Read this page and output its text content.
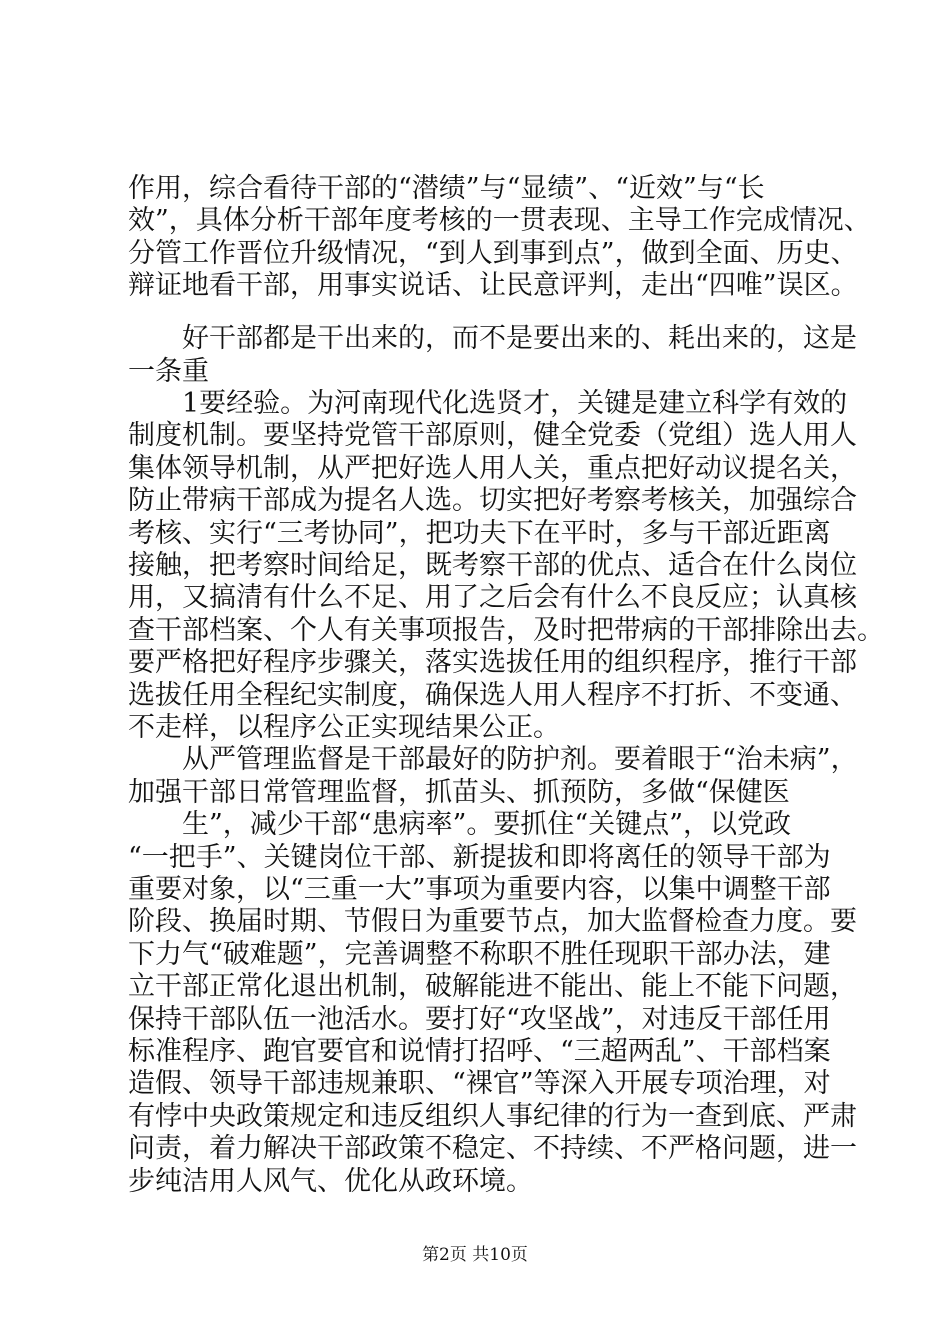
作用，综合看待干部的“潜绩”与“显绩”、“近效”与“长
效”，具体分析干部年度考核的一贯表现、主导工作完成情况、
分管工作晋位升级情况，“到人到事到点”，做到全面、历史、
辩证地看干部，用事实说话、让民意评判，走出“四唯”误区。
　　好干部都是干出来的，而不是要出来的、耗出来的，这是
一条重
　　1要经验。为河南现代化选贤才，关键是建立科学有效的
制度机制。要坚持党管干部原则，健全党委（党组）选人用人
集体领导机制，从严把好选人用人关，重点把好动议提名关，
防止带病干部成为提名人选。切实把好考察考核关，加强综合
考核、实行“三考协同”，把功夫下在平时，多与干部近距离
接触，把考察时间给足，既考察干部的优点、适合在什么岗位
用，又搞清有什么不足、用了之后会有什么不良反应；认真核
查干部档案、个人有关事项报告，及时把带病的干部排除出去。
要严格把好程序步骤关，落实选拔任用的组织程序，推行干部
选拔任用全程纪实制度，确保选人用人程序不打折、不变通、
不走样，以程序公正实现结果公正。
　　从严管理监督是干部最好的防护剂。要着眼于“治未病”，
加强干部日常管理监督，抓苗头、抓预防，多做“保健医
　　生”，减少干部“患病率”。要抓住“关键点”，以党政
“一把手”、关键岗位干部、新提拔和即将离任的领导干部为
重要对象，以“三重一大”事项为重要内容，以集中调整干部
阶段、换届时期、节假日为重要节点，加大监督检查力度。要
下力气“破难题”，完善调整不称职不胜任现职干部办法，建
立干部正常化退出机制，破解能进不能出、能上不能下问题，
保持干部队伍一池活水。要打好“攻坚战”，对违反干部任用
标准程序、跑官要官和说情打招呼、“三超两乱”、干部档案
造假、领导干部违规兼职、“裸官”等深入开展专项治理，对
有悖中央政策规定和违反组织人事纪律的行为一查到底、严肃
问责，着力解决干部政策不稳定、不持续、不严格问题，进一
步纯洁用人风气、优化从政环境。
第2页 共10页
